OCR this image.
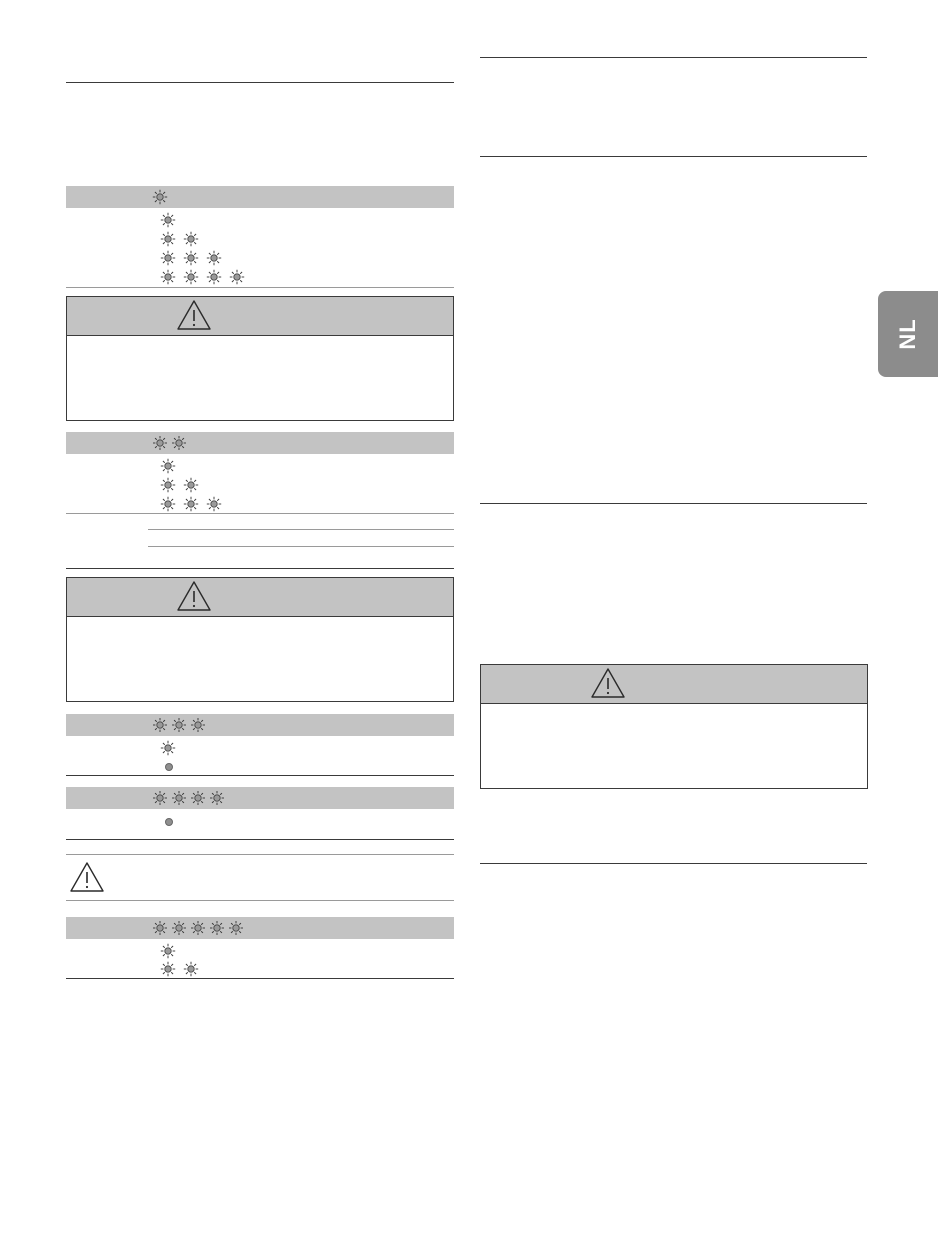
NL
